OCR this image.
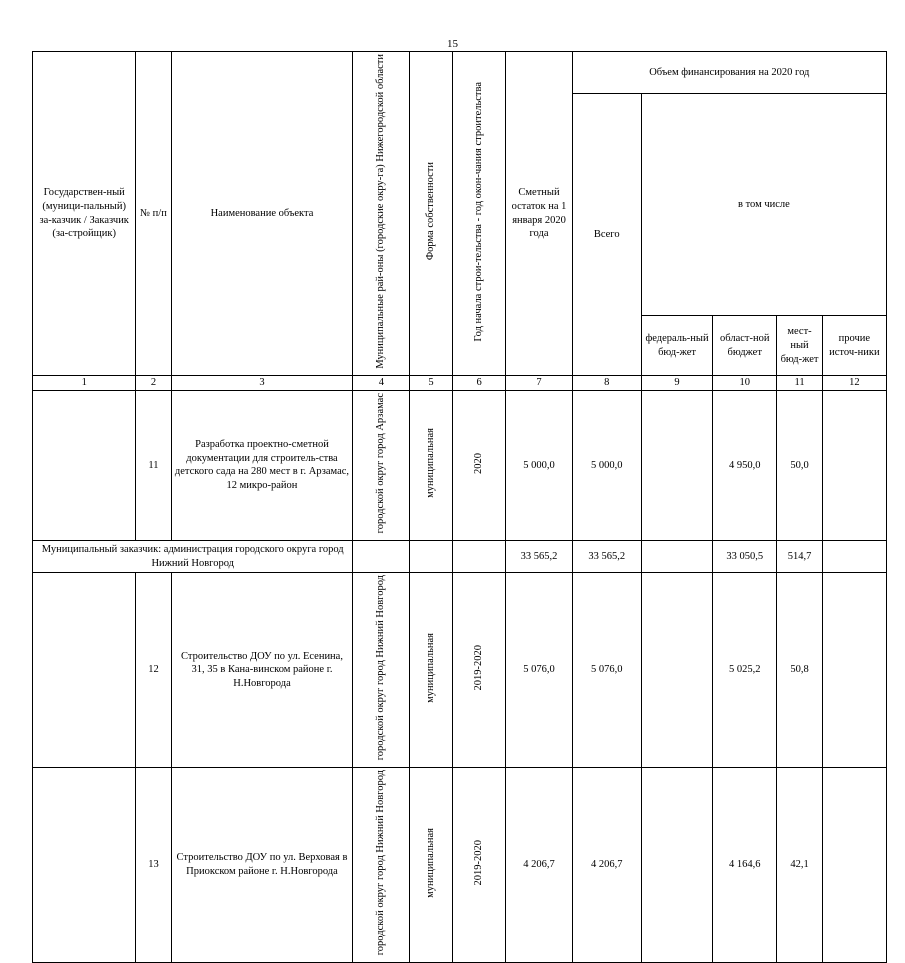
15
Государствен-ный (муници-пальный) за-казчик / Заказчик (за-стройщик)	№ п/п	Наименование объекта	Муниципальные рай-оны (городские окру-га) Нижегородской области	Форма собственности	Год начала строи-тельства - год окон-чания строительства	Сметный остаток на 1 января 2020 года	Объем финансирования на 2020 год				
							Всего	в том числе			
								федераль-ный бюд-жет	област-ной бюджет	мест-ный бюд-жет	прочие источ-ники
1	2	3	4	5	6	7	8	9	10	11	12
	11	Разработка проектно-сметной документации для строитель-ства детского сада на 280 мест в г. Арзамас, 12 микро-район	городской округ город Арзамас	муниципальная	2020	5 000,0	5 000,0		4 950,0	50,0	
Муниципальный заказчик: администрация городского округа город Нижний Новгород						33 565,2	33 565,2		33 050,5	514,7	
	12	Строительство ДОУ по ул. Есенина, 31, 35 в Кана-винском районе г. Н.Новгорода	городской округ город Нижний Новгород	муниципальная	2019-2020	5 076,0	5 076,0		5 025,2	50,8	
	13	Строительство ДОУ по ул. Верховая в Приокском районе г. Н.Новгорода	городской округ город Нижний Новгород	муниципальная	2019-2020	4 206,7	4 206,7		4 164,6	42,1	
